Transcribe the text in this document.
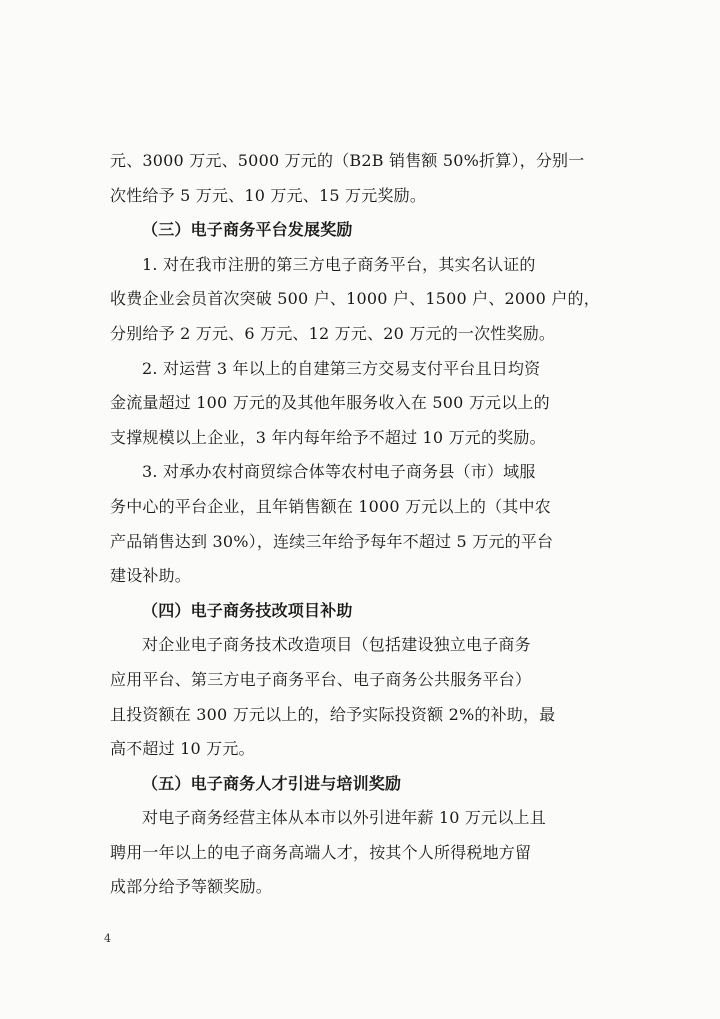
元、3000 万元、5000 万元的（B2B 销售额 50%折算），分别一
次性给予 5 万元、10 万元、15 万元奖励。
（三）电子商务平台发展奖励
1. 对在我市注册的第三方电子商务平台，其实名认证的
收费企业会员首次突破 500 户、1000 户、1500 户、2000 户的，
分别给予 2 万元、6 万元、12 万元、20 万元的一次性奖励。
2. 对运营 3 年以上的自建第三方交易支付平台且日均资
金流量超过 100 万元的及其他年服务收入在 500 万元以上的
支撑规模以上企业，3 年内每年给予不超过 10 万元的奖励。
3. 对承办农村商贸综合体等农村电子商务县（市）域服
务中心的平台企业，且年销售额在 1000 万元以上的（其中农
产品销售达到 30%），连续三年给予每年不超过 5 万元的平台
建设补助。
（四）电子商务技改项目补助
对企业电子商务技术改造项目（包括建设独立电子商务
应用平台、第三方电子商务平台、电子商务公共服务平台）
且投资额在 300 万元以上的，给予实际投资额 2%的补助，最
高不超过 10 万元。
（五）电子商务人才引进与培训奖励
对电子商务经营主体从本市以外引进年薪 10 万元以上且
聘用一年以上的电子商务高端人才，按其个人所得税地方留
成部分给予等额奖励。
4
